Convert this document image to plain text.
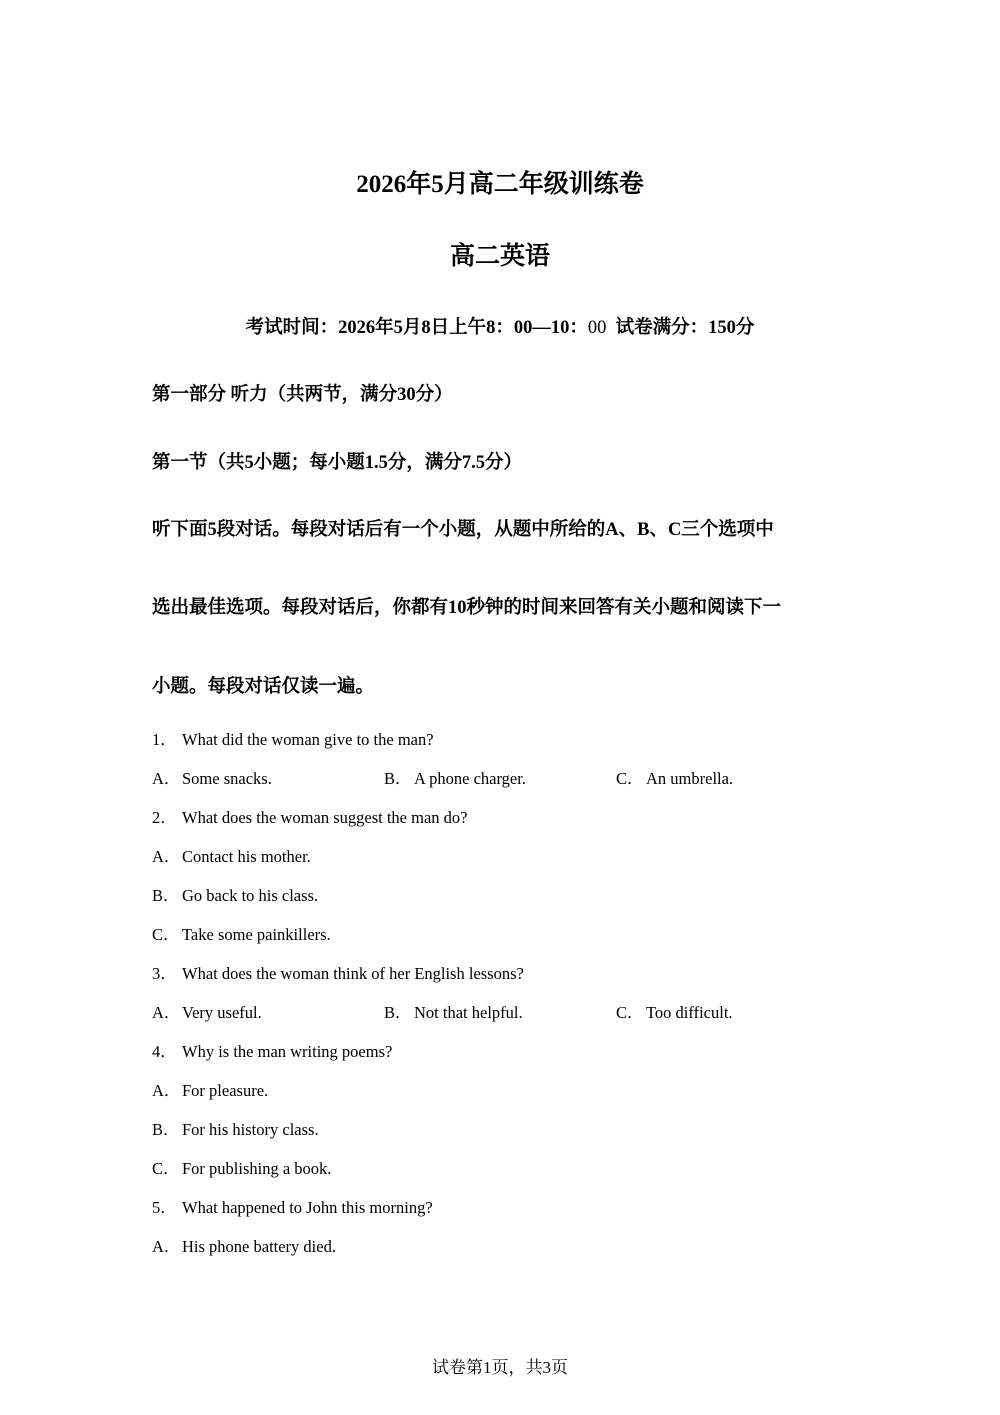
2026年5月高二年级训练卷
高二英语
考试时间：2026年5月8日上午8：00—10：00 试卷满分：150分
第一部分 听力（共两节，满分30分）
第一节（共5小题；每小题1.5分，满分7.5分）
听下面5段对话。每段对话后有一个小题，从题中所给的A、B、C三个选项中
选出最佳选项。每段对话后，你都有10秒钟的时间来回答有关小题和阅读下一
小题。每段对话仅读一遍。
1． What did the woman give to the man?
A．Some snacks.	B． A phone charger.	C． An umbrella.
2． What does the woman suggest the man do?
A．Contact his mother.
B． Go back to his class.
C． Take some painkillers.
3． What does the woman think of her English lessons?
A．Very useful.	B． Not that helpful.	C． Too difficult.
4． Why is the man writing poems?
A．For pleasure.
B． For his history class.
C． For publishing a book.
5． What happened to John this morning?
A．His phone battery died.
试卷第1页，共3页
